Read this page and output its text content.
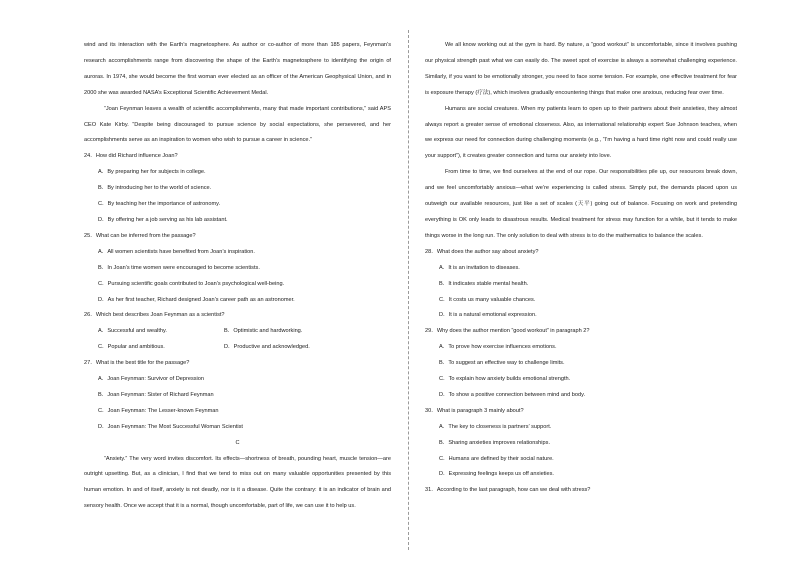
wind and its interaction with the Earth’s magnetosphere. As author or co-author of more than 185 papers, Feynman’s research accomplishments range from discovering the shape of the Earth’s magnetosphere to identifying the origin of auroras. In 1974, she would become the first woman ever elected as an officer of the American Geophysical Union, and in 2000 she was awarded NASA’s Exceptional Scientific Achievement Medal.

“Joan Feynman leaves a wealth of scientific accomplishments, many that made important contributions,” said APS CEO Kate Kirby. “Despite being discouraged to pursue science by social expectations, she persevered, and her accomplishments serve as an inspiration to women who wish to pursue a career in science.”

24．How did Richard influence Joan?

A．By preparing her for subjects in college.

B．By introducing her to the world of science.

C．By teaching her the importance of astronomy.

D．By offering her a job serving as his lab assistant.

25．What can be inferred from the passage?

A．All women scientists have benefited from Joan’s inspiration.

B．In Joan’s time women were encouraged to become scientists.

C．Pursuing scientific goals contributed to Joan’s psychological well-being.

D．As her first teacher, Richard designed Joan’s career path as an astronomer.

26．Which best describes Joan Feynman as a scientist?

A．Successful and wealthy.	B．Optimistic and hardworking.
C．Popular and ambitious.	D．Productive and acknowledged.

27．What is the best title for the passage?

A．Joan Feynman: Survivor of Depression

B．Joan Feynman: Sister of Richard Feynman

C．Joan Feynman: The Lesser-known Feynman

D．Joan Feynman: The Most Successful Woman Scientist

C

“Anxiety.” The very word invites discomfort. Its effects—shortness of breath, pounding heart, muscle tension—are outright upsetting. But, as a clinician, I find that we tend to miss out on many valuable opportunities presented by this human emotion. In and of itself, anxiety is not deadly, nor is it a disease. Quite the contrary: it is an indicator of brain and sensory health. Once we accept that it is a normal, though uncomfortable, part of life, we can use it to help us.

We all know working out at the gym is hard. By nature, a “good workout” is uncomfortable, since it involves pushing our physical strength past what we can easily do. The sweet spot of exercise is always a somewhat challenging experience. Similarly, if you want to be emotionally stronger, you need to face some tension. For example, one effective treatment for fear is exposure therapy (疗法), which involves gradually encountering things that make one anxious, reducing fear over time.

Humans are social creatures. When my patients learn to open up to their partners about their anxieties, they almost always report a greater sense of emotional closeness. Also, as international relationship expert Sue Johnson teaches, when we express our need for connection during challenging moments (e.g., “I’m having a hard time right now and could really use your support”), it creates greater connection and turns our anxiety into love.

From time to time, we find ourselves at the end of our rope. Our responsibilities pile up, our resources break down, and we feel uncomfortably anxious—what we’re experiencing is called stress. Simply put, the demands placed upon us outweigh our available resources, just like a set of scales (天平) going out of balance. Focusing on work and pretending everything is OK only leads to disastrous results. Medical treatment for stress may function for a while, but it tends to make things worse in the long run. The only solution to deal with stress is to do the mathematics to balance the scales.

28．What does the author say about anxiety?

A．It is an invitation to diseases.

B．It indicates stable mental health.

C．It costs us many valuable chances.

D．It is a natural emotional expression.

29．Why does the author mention “good workout” in paragraph 2?

A．To prove how exercise influences emotions.

B．To suggest an effective way to challenge limits.

C．To explain how anxiety builds emotional strength.

D．To show a positive connection between mind and body.

30．What is paragraph 3 mainly about?

A．The key to closeness is partners’ support.

B．Sharing anxieties improves relationships.

C．Humans are defined by their social nature.

D．Expressing feelings keeps us off anxieties.

31．According to the last paragraph, how can we deal with stress?
